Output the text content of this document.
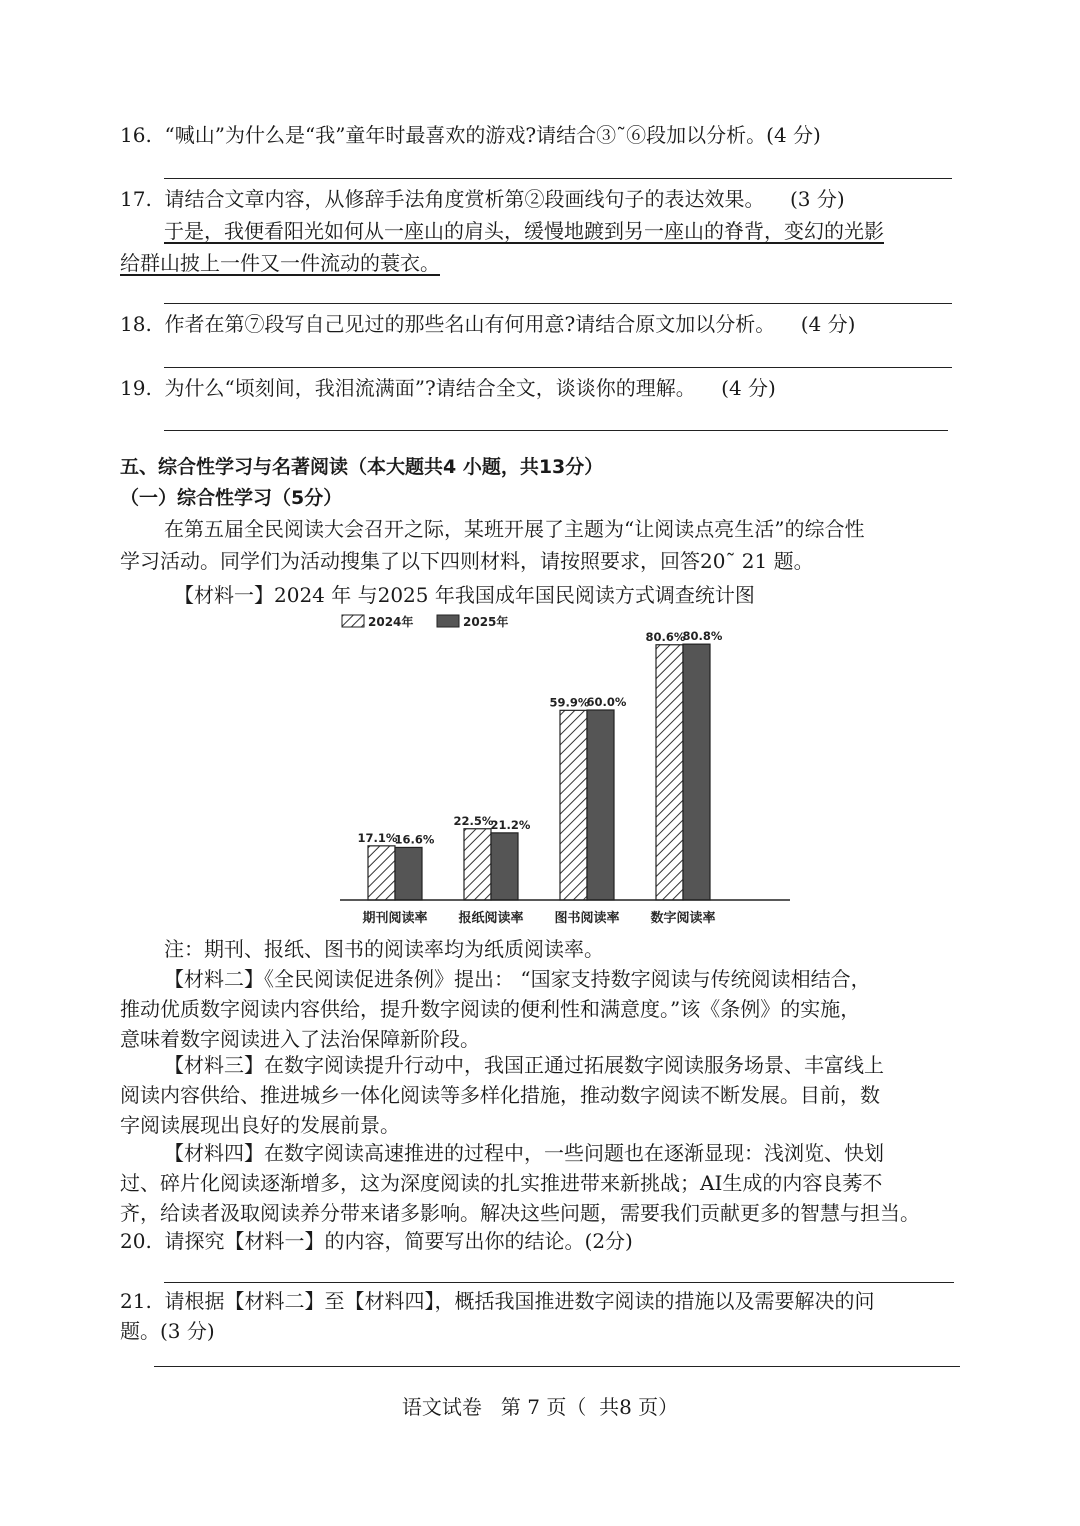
16. “喊山”为什么是“我”童年时最喜欢的游戏?请结合③˜⑥段加以分析。(4 分)
17. 请结合文章内容，从修辞手法角度赏析第②段画线句子的表达效果。 (3 分)
于是，我便看阳光如何从一座山的肩头，缓慢地踱到另一座山的脊背，变幻的光影
给群山披上一件又一件流动的蓑衣。
18. 作者在第⑦段写自己见过的那些名山有何用意?请结合原文加以分析。 (4 分)
19. 为什么“顷刻间，我泪流满面”?请结合全文，谈谈你的理解。 (4 分)
五、综合性学习与名著阅读（本大题共4 小题，共13分）
（一）综合性学习（5分）
在第五届全民阅读大会召开之际，某班开展了主题为“让阅读点亮生活”的综合性
学习活动。同学们为活动搜集了以下四则材料，请按照要求，回答20˜ 21 题。
【材料一】2024 年 与2025 年我国成年国民阅读方式调查统计图
2024年	2025年
17.1%
16.6%
期刊阅读率
22.5%
21.2%
报纸阅读率
59.9%
60.0%
图书阅读率
80.6%
80.8%
数字阅读率
注：期刊、报纸、图书的阅读率均为纸质阅读率。
【材料二】《全民阅读促进条例》提出： “国家支持数字阅读与传统阅读相结合，
推动优质数字阅读内容供给，提升数字阅读的便利性和满意度。”该《条例》的实施，
意味着数字阅读进入了法治保障新阶段。
【材料三】在数字阅读提升行动中，我国正通过拓展数字阅读服务场景、丰富线上
阅读内容供给、推进城乡一体化阅读等多样化措施，推动数字阅读不断发展。目前，数
字阅读展现出良好的发展前景。
【材料四】在数字阅读高速推进的过程中，一些问题也在逐渐显现：浅浏览、快划
过、碎片化阅读逐渐增多，这为深度阅读的扎实推进带来新挑战；AI生成的内容良莠不
齐，给读者汲取阅读养分带来诸多影响。解决这些问题，需要我们贡献更多的智慧与担当。
20. 请探究【材料一】的内容，简要写出你的结论。(2分)
21. 请根据【材料二】至【材料四】，概括我国推进数字阅读的措施以及需要解决的问
题。(3 分)
语文试卷   第 7 页（  共8 页）
